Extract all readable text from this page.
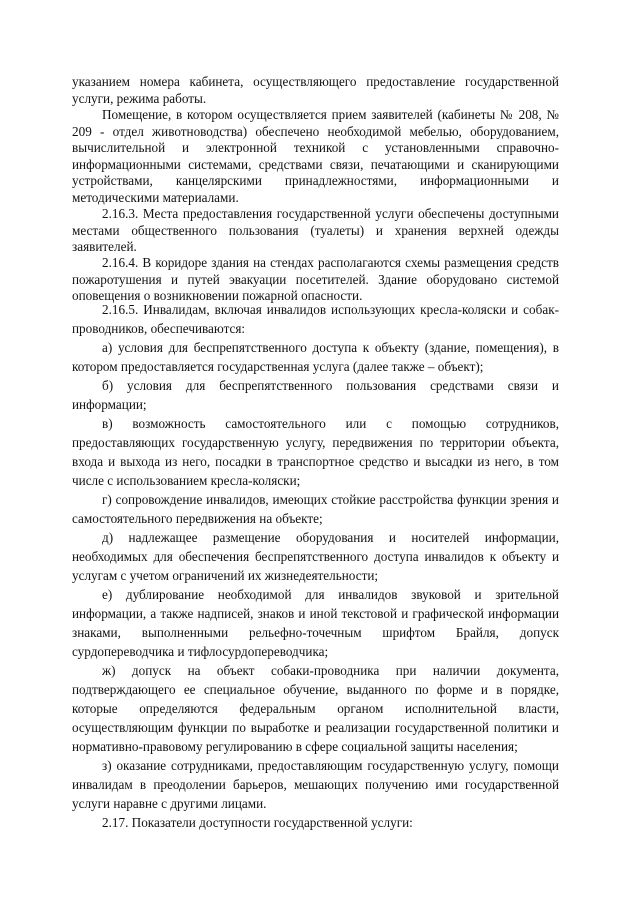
указанием номера кабинета, осуществляющего предоставление государственной услуги, режима работы.

Помещение, в котором осуществляется прием заявителей (кабинеты № 208, № 209 - отдел животноводства) обеспечено необходимой мебелью, оборудованием, вычислительной и электронной техникой с установленными справочно-информационными системами, средствами связи, печатающими и сканирующими устройствами, канцелярскими принадлежностями, информационными и методическими материалами.

2.16.3. Места предоставления государственной услуги обеспечены доступными местами общественного пользования (туалеты) и хранения верхней одежды заявителей.

2.16.4. В коридоре здания на стендах располагаются схемы размещения средств пожаротушения и путей эвакуации посетителей. Здание оборудовано системой оповещения о возникновении пожарной опасности.

2.16.5. Инвалидам, включая инвалидов использующих кресла-коляски и собак-проводников, обеспечиваются:

а) условия для беспрепятственного доступа к объекту (здание, помещения), в котором предоставляется государственная услуга (далее также – объект);

б) условия для беспрепятственного пользования средствами связи и информации;

в) возможность самостоятельного или с помощью сотрудников, предоставляющих государственную услугу, передвижения по территории объекта, входа и выхода из него, посадки в транспортное средство и высадки из него, в том числе с использованием кресла-коляски;

г) сопровождение инвалидов, имеющих стойкие расстройства функции зрения и самостоятельного передвижения на объекте;

д) надлежащее размещение оборудования и носителей информации, необходимых для обеспечения беспрепятственного доступа инвалидов к объекту и услугам с учетом ограничений их жизнедеятельности;

е) дублирование необходимой для инвалидов звуковой и зрительной информации, а также надписей, знаков и иной текстовой и графической информации знаками, выполненными рельефно-точечным шрифтом Брайля, допуск сурдопереводчика и тифлосурдопереводчика;

ж) допуск на объект собаки-проводника при наличии документа, подтверждающего ее специальное обучение, выданного по форме и в порядке, которые определяются федеральным органом исполнительной власти, осуществляющим функции по выработке и реализации государственной политики и нормативно-правовому регулированию в сфере социальной защиты населения;

з) оказание сотрудниками, предоставляющим государственную услугу, помощи инвалидам в преодолении барьеров, мешающих получению ими государственной услуги наравне с другими лицами.

2.17. Показатели доступности государственной услуги:
